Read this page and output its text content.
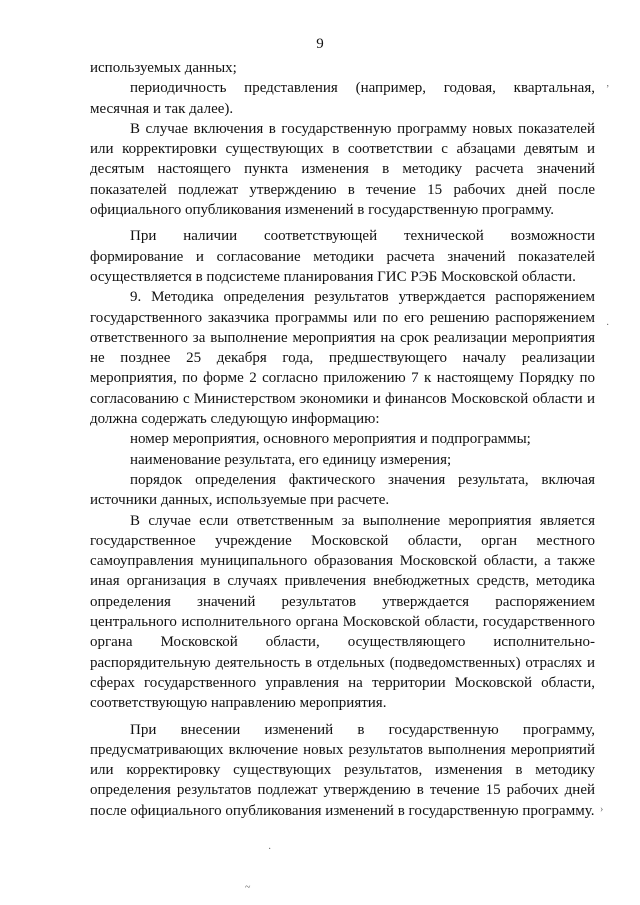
9

используемых данных;

периодичность представления (например, годовая, квартальная, месячная и так далее).

В случае включения в государственную программу новых показателей или корректировки существующих в соответствии с абзацами девятым и десятым настоящего пункта изменения в методику расчета значений показателей подлежат утверждению в течение 15 рабочих дней после официального опубликования изменений в государственную программу.

При наличии соответствующей технической возможности формирование и согласование методики расчета значений показателей осуществляется в подсистеме планирования ГИС РЭБ Московской области.

9. Методика определения результатов утверждается распоряжением государственного заказчика программы или по его решению распоряжением ответственного за выполнение мероприятия на срок реализации мероприятия не позднее 25 декабря года, предшествующего началу реализации мероприятия, по форме 2 согласно приложению 7 к настоящему Порядку по согласованию с Министерством экономики и финансов Московской области и должна содержать следующую информацию:

номер мероприятия, основного мероприятия и подпрограммы;

наименование результата, его единицу измерения;

порядок определения фактического значения результата, включая источники данных, используемые при расчете.

В случае если ответственным за выполнение мероприятия является государственное учреждение Московской области, орган местного самоуправления муниципального образования Московской области, а также иная организация в случаях привлечения внебюджетных средств, методика определения значений результатов утверждается распоряжением центрального исполнительного органа Московской области, государственного органа Московской области, осуществляющего исполнительно-распорядительную деятельность в отдельных (подведомственных) отраслях и сферах государственного управления на территории Московской области, соответствующую направлению мероприятия.

При внесении изменений в государственную программу, предусматривающих включение новых результатов выполнения мероприятий или корректировку существующих результатов, изменения в методику определения результатов подлежат утверждению в течение 15 рабочих дней после официального опубликования изменений в государственную программу.

ʼ
·
›
·
~
